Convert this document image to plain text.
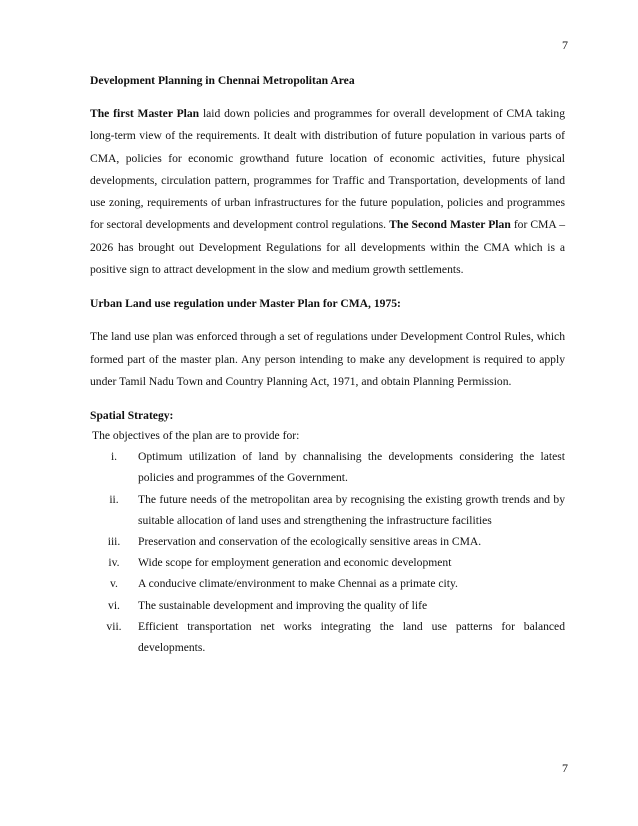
7

Development Planning in Chennai Metropolitan Area

The first Master Plan laid down policies and programmes for overall development of CMA taking long-term view of the requirements. It dealt with distribution of future population in various parts of CMA, policies for economic growthand future location of economic activities, future physical developments, circulation pattern, programmes for Traffic and Transportation, developments of land use zoning, requirements of urban infrastructures for the future population, policies and programmes for sectoral developments and development control regulations. The Second Master Plan for CMA – 2026 has brought out Development Regulations for all developments within the CMA which is a positive sign to attract development in the slow and medium growth settlements.

Urban Land use regulation under Master Plan for CMA, 1975:

The land use plan was enforced through a set of regulations under Development Control Rules, which formed part of the master plan. Any person intending to make any development is required to apply under Tamil Nadu Town and Country Planning Act, 1971, and obtain Planning Permission.

Spatial Strategy:

The objectives of the plan are to provide for:

i.	Optimum utilization of land by channalising the developments considering the latest policies and programmes of the Government.
ii.	The future needs of the metropolitan area by recognising the existing growth trends and by suitable allocation of land uses and strengthening the infrastructure facilities
iii.	Preservation and conservation of the ecologically sensitive areas in CMA.
iv.	Wide scope for employment generation and economic development
v.	A conducive climate/environment to make Chennai as a primate city.
vi.	The sustainable development and improving the quality of life
vii.	Efficient transportation net works integrating the land use patterns for balanced developments.
7
